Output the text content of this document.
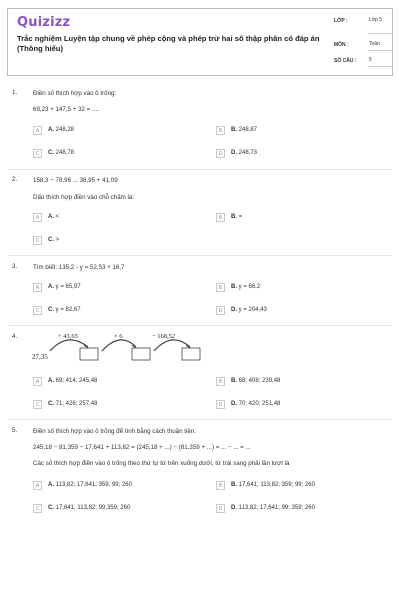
Quizizz
Trắc nghiệm Luyện tập chung về phép cộng và phép trừ hai số thập phân có đáp án (Thông hiểu)
LỚP :	Lớp 5
MÔN :	Toán
SỐ CÂU :	5
1.	Điền số thích hợp vào ô trống:
69,23 + 147,5 + 32 = ....
A	A. 248,28	B	B. 248,87
C	C. 248,78	D	D. 248,73
2.	158,3 − 78,96 ... 36,95 + 41,09
Dấu thích hợp điền vào chỗ chấm là:
A	A. <	B	B. =
C	C. >
3.	Tìm biết: 135,2 - y = 52,53 + 16,7
A	A. y = 65,97	B	B. y = 66,2
C	C. y = 82,67	D	D. y = 204,43
4.
27,35
+ 43,65	× 6	− 168,52
A	A. 69; 414; 245,48	B	B. 68; 408; 239,48
C	C. 71; 426; 257,48	D	D. 70; 420; 251,48
5.	Điền số thích hợp vào ô trống để tính bằng cách thuận tiện:
245,18 − 81,359 − 17,641 + 113,82 = (245,18 + ...) − (81,359 + ...) = ... − ... = ...
Các số thích hợp điền vào ô trống theo thứ tự từ trên xuống dưới, từ trái sang phải lần lượt là
A	A. 113,82; 17,641; 359; 99; 260	B	B. 17,641; 113,82; 359; 99; 260
C	C. 17,641; 113,82; 99,359; 260	D	D. 113,82; 17,641; 99; 359; 260
